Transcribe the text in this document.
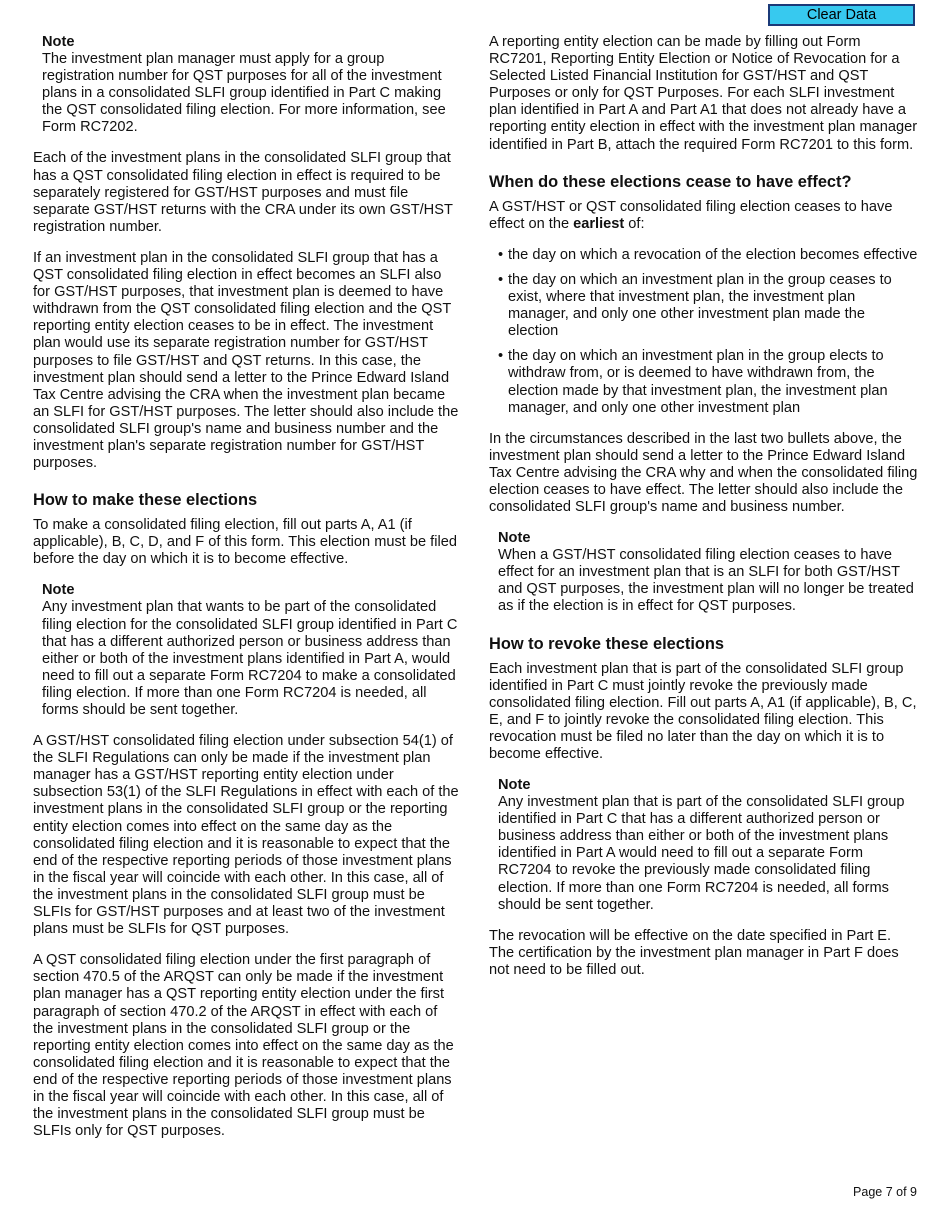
Clear Data
Note

The investment plan manager must apply for a group registration number for QST purposes for all of the investment plans in a consolidated SLFI group identified in Part C making the QST consolidated filing election. For more information, see Form RC7202.

Each of the investment plans in the consolidated SLFI group that has a QST consolidated filing election in effect is required to be separately registered for GST/HST purposes and must file separate GST/HST returns with the CRA under its own GST/HST registration number.

If an investment plan in the consolidated SLFI group that has a QST consolidated filing election in effect becomes an SLFI also for GST/HST purposes, that investment plan is deemed to have withdrawn from the QST consolidated filing election and the QST reporting entity election ceases to be in effect. The investment plan would use its separate registration number for GST/HST purposes to file GST/HST and QST returns. In this case, the investment plan should send a letter to the Prince Edward Island Tax Centre advising the CRA when the investment plan became an SLFI for GST/HST purposes. The letter should also include the consolidated SLFI group's name and business number and the investment plan's separate registration number for GST/HST purposes.

How to make these elections

To make a consolidated filing election, fill out parts A, A1 (if applicable), B, C, D, and F of this form. This election must be filed before the day on which it is to become effective.

Note

Any investment plan that wants to be part of the consolidated filing election for the consolidated SLFI group identified in Part C that has a different authorized person or business address than either or both of the investment plans identified in Part A, would need to fill out a separate Form RC7204 to make a consolidated filing election. If more than one Form RC7204 is needed, all forms should be sent together.

A GST/HST consolidated filing election under subsection 54(1) of the SLFI Regulations can only be made if the investment plan manager has a GST/HST reporting entity election under subsection 53(1) of the SLFI Regulations in effect with each of the investment plans in the consolidated SLFI group or the reporting entity election comes into effect on the same day as the consolidated filing election and it is reasonable to expect that the end of the respective reporting periods of those investment plans in the fiscal year will coincide with each other. In this case, all of the investment plans in the consolidated SLFI group must be SLFIs for GST/HST purposes and at least two of the investment plans must be SLFIs for QST purposes.

A QST consolidated filing election under the first paragraph of section 470.5 of the ARQST can only be made if the investment plan manager has a QST reporting entity election under the first paragraph of section 470.2 of the ARQST in effect with each of the investment plans in the consolidated SLFI group or the reporting entity election comes into effect on the same day as the consolidated filing election and it is reasonable to expect that the end of the respective reporting periods of those investment plans in the fiscal year will coincide with each other. In this case, all of the investment plans in the consolidated SLFI group must be SLFIs only for QST purposes.

A reporting entity election can be made by filling out Form RC7201, Reporting Entity Election or Notice of Revocation for a Selected Listed Financial Institution for GST/HST and QST Purposes or only for QST Purposes. For each SLFI investment plan identified in Part A and Part A1 that does not already have a reporting entity election in effect with the investment plan manager identified in Part B, attach the required Form RC7201 to this form.

When do these elections cease to have effect?

A GST/HST or QST consolidated filing election ceases to have effect on the earliest of:

• the day on which a revocation of the election becomes effective
• the day on which an investment plan in the group ceases to exist, where that investment plan, the investment plan manager, and only one other investment plan made the election
• the day on which an investment plan in the group elects to withdraw from, or is deemed to have withdrawn from, the election made by that investment plan, the investment plan manager, and only one other investment plan

In the circumstances described in the last two bullets above, the investment plan should send a letter to the Prince Edward Island Tax Centre advising the CRA why and when the consolidated filing election ceases to have effect. The letter should also include the consolidated SLFI group's name and business number.

Note

When a GST/HST consolidated filing election ceases to have effect for an investment plan that is an SLFI for both GST/HST and QST purposes, the investment plan will no longer be treated as if the election is in effect for QST purposes.

How to revoke these elections

Each investment plan that is part of the consolidated SLFI group identified in Part C must jointly revoke the previously made consolidated filing election. Fill out parts A, A1 (if applicable), B, C, E, and F to jointly revoke the consolidated filing election. This revocation must be filed no later than the day on which it is to become effective.

Note

Any investment plan that is part of the consolidated SLFI group identified in Part C that has a different authorized person or business address than either or both of the investment plans identified in Part A would need to fill out a separate Form RC7204 to revoke the previously made consolidated filing election. If more than one Form RC7204 is needed, all forms should be sent together.

The revocation will be effective on the date specified in Part E. The certification by the investment plan manager in Part F does not need to be filled out.

Page 7 of 9
